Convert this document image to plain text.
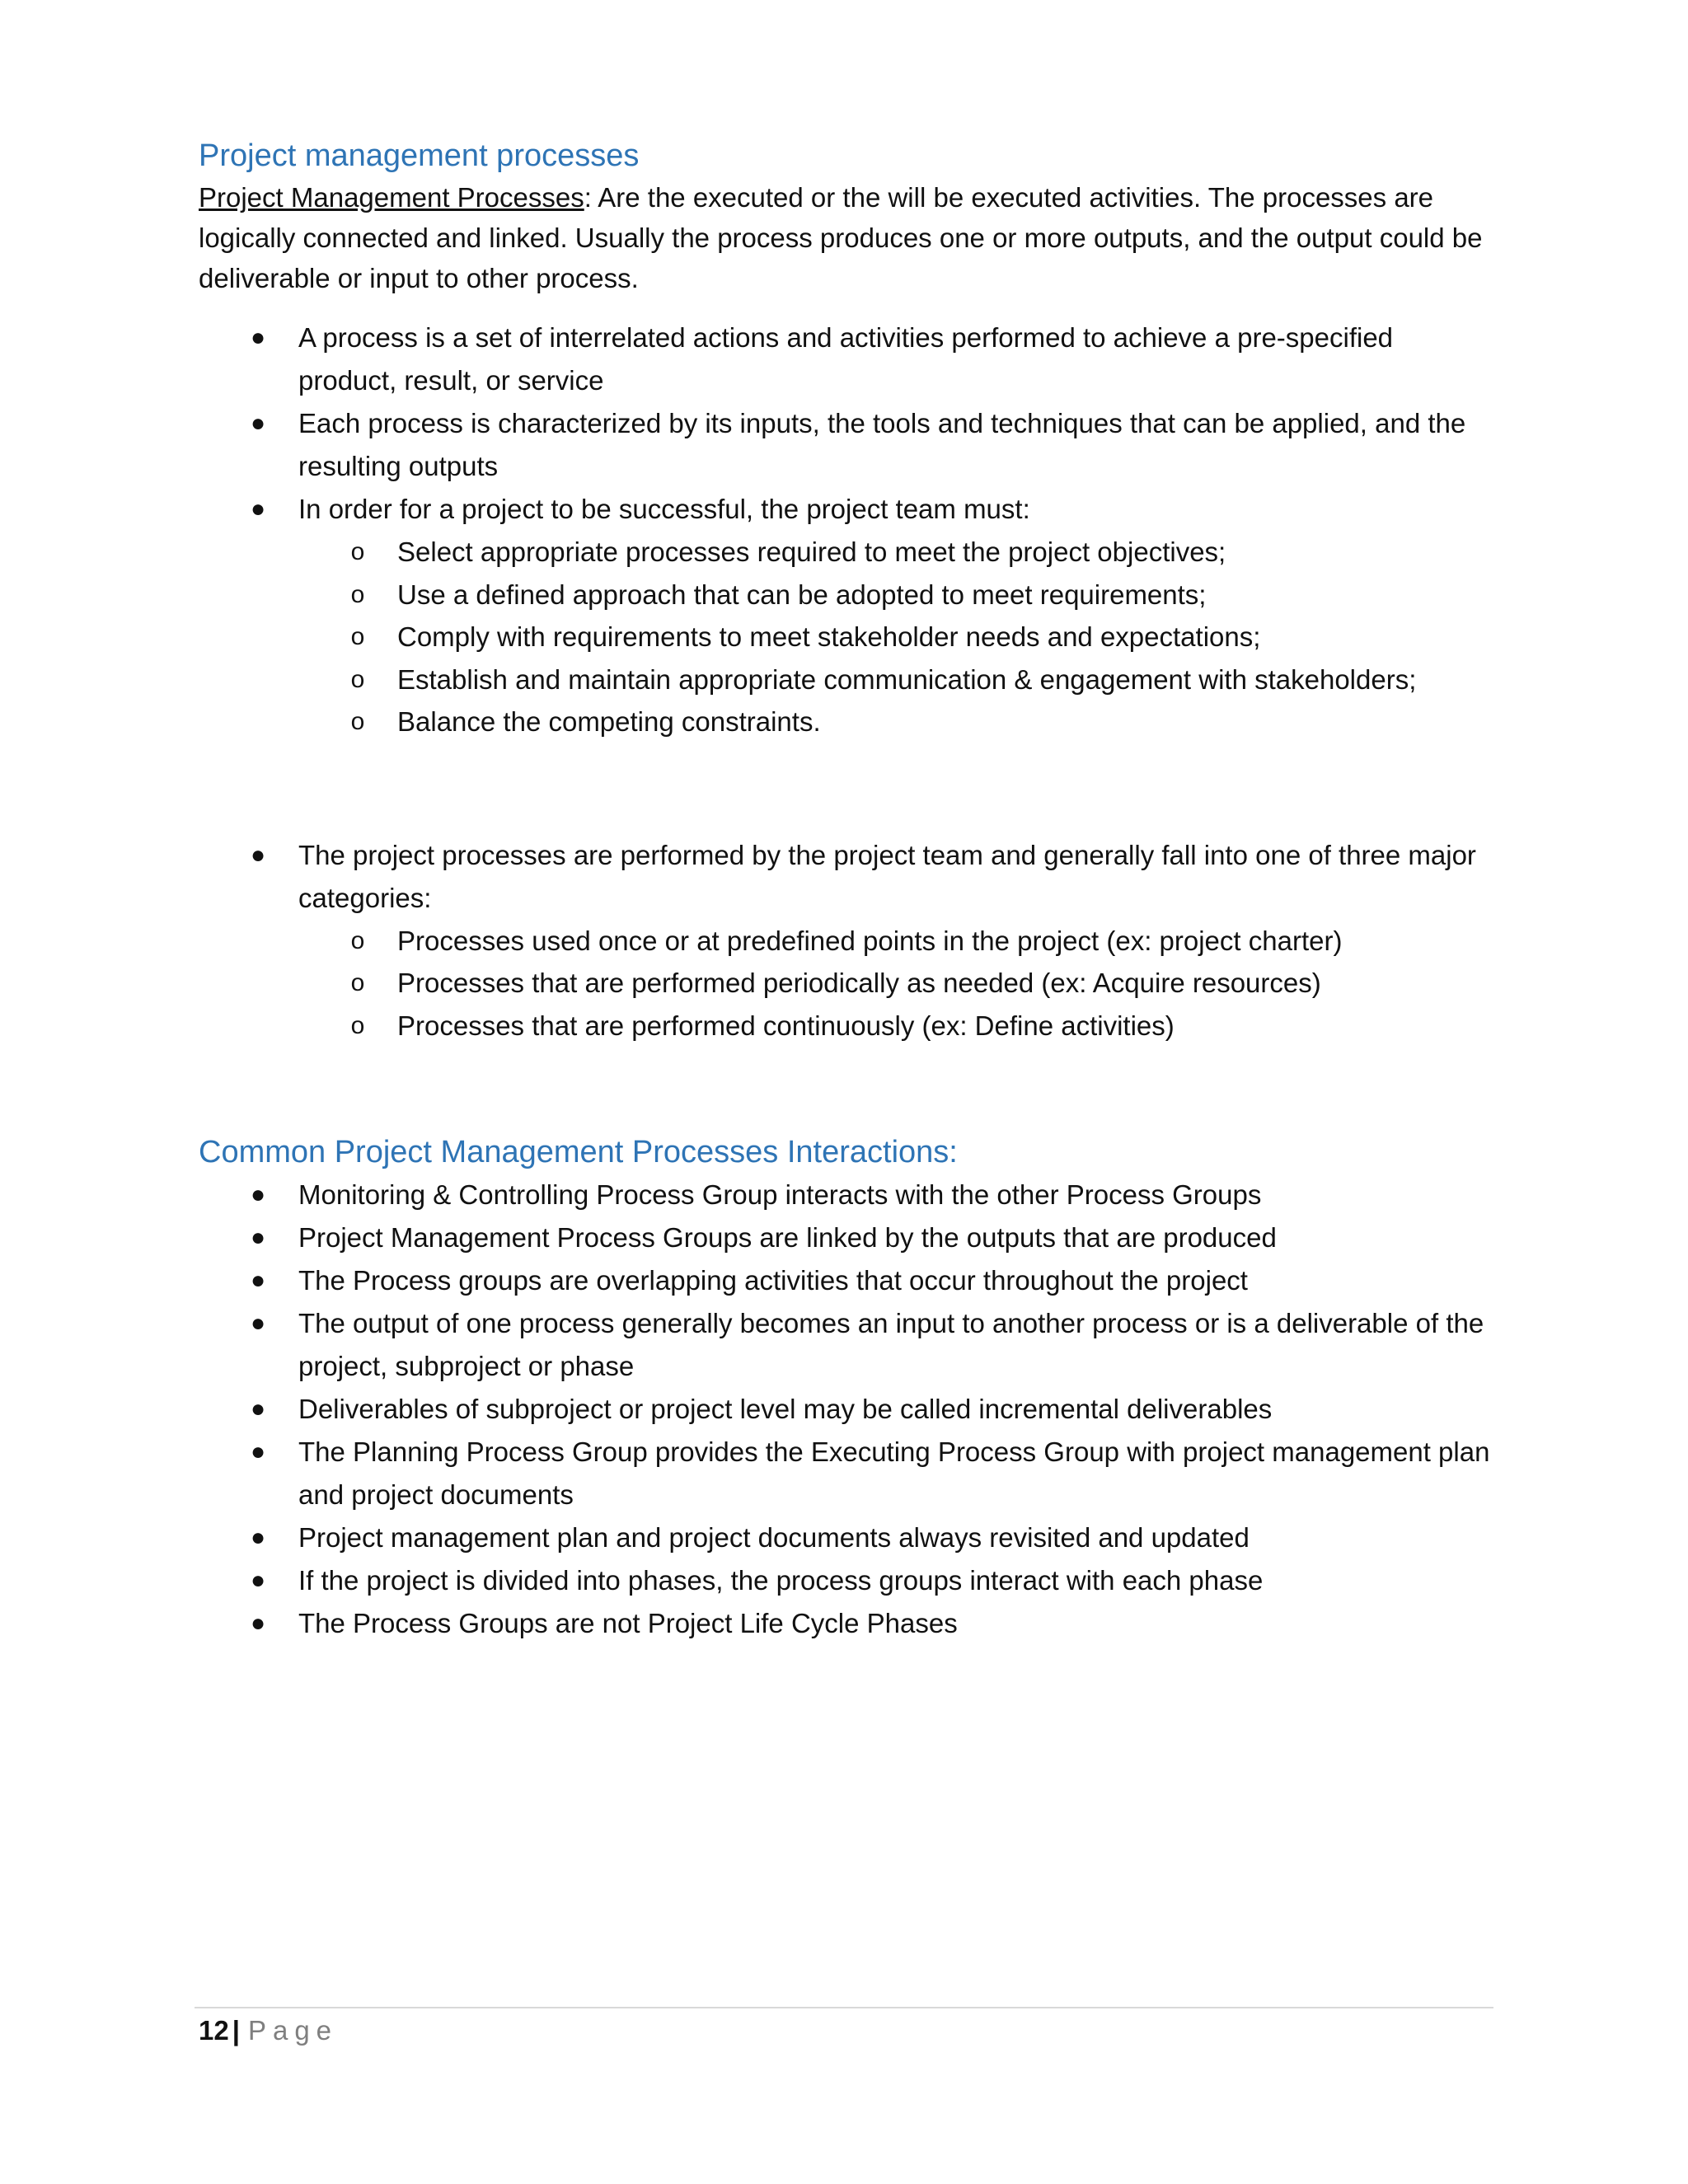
Project management processes

Project Management Processes: Are the executed or the will be executed activities. The processes are logically connected and linked. Usually the process produces one or more outputs, and the output could be deliverable or input to other process.

● A process is a set of interrelated actions and activities performed to achieve a pre-specified product, result, or service
● Each process is characterized by its inputs, the tools and techniques that can be applied, and the resulting outputs
● In order for a project to be successful, the project team must:
o Select appropriate processes required to meet the project objectives;
o Use a defined approach that can be adopted to meet requirements;
o Comply with requirements to meet stakeholder needs and expectations;
o Establish and maintain appropriate communication & engagement with stakeholders;
o Balance the competing constraints.
● The project processes are performed by the project team and generally fall into one of three major categories:
o Processes used once or at predefined points in the project (ex: project charter)
o Processes that are performed periodically as needed (ex: Acquire resources)
o Processes that are performed continuously (ex: Define activities)
Common Project Management Processes Interactions:
● Monitoring & Controlling Process Group interacts with the other Process Groups
● Project Management Process Groups are linked by the outputs that are produced
● The Process groups are overlapping activities that occur throughout the project
● The output of one process generally becomes an input to another process or is a deliverable of the project, subproject or phase
● Deliverables of subproject or project level may be called incremental deliverables
● The Planning Process Group provides the Executing Process Group with project management plan and project documents
● Project management plan and project documents always revisited and updated
● If the project is divided into phases, the process groups interact with each phase
● The Process Groups are not Project Life Cycle Phases
12 | Page
